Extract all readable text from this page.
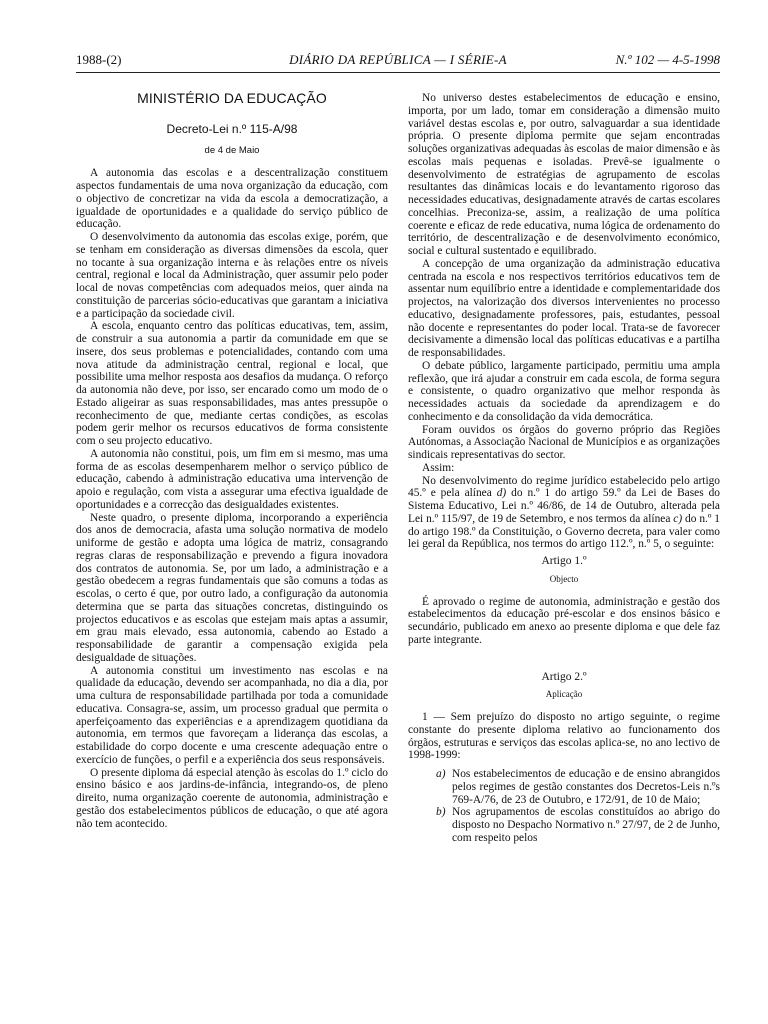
1988-(2)	DIÁRIO DA REPÚBLICA — I SÉRIE-A	N.º 102 — 4-5-1998
MINISTÉRIO DA EDUCAÇÃO
Decreto-Lei n.º 115-A/98
de 4 de Maio

A autonomia das escolas e a descentralização constituem aspectos fundamentais de uma nova organização da educação, com o objectivo de concretizar na vida da escola a democratização, a igualdade de oportunidades e a qualidade do serviço público de educação.

O desenvolvimento da autonomia das escolas exige, porém, que se tenham em consideração as diversas dimensões da escola, quer no tocante à sua organização interna e às relações entre os níveis central, regional e local da Administração, quer assumir pelo poder local de novas competências com adequados meios, quer ainda na constituição de parcerias sócio-educativas que garantam a iniciativa e a participação da sociedade civil.

A escola, enquanto centro das políticas educativas, tem, assim, de construir a sua autonomia a partir da comunidade em que se insere, dos seus problemas e potencialidades, contando com uma nova atitude da administração central, regional e local, que possibilite uma melhor resposta aos desafios da mudança. O reforço da autonomia não deve, por isso, ser encarado como um modo de o Estado aligeirar as suas responsabilidades, mas antes pressupõe o reconhecimento de que, mediante certas condições, as escolas podem gerir melhor os recursos educativos de forma consistente com o seu projecto educativo.

A autonomia não constitui, pois, um fim em si mesmo, mas uma forma de as escolas desempenharem melhor o serviço público de educação, cabendo à administração educativa uma intervenção de apoio e regulação, com vista a assegurar uma efectiva igualdade de oportunidades e a correcção das desigualdades existentes.

Neste quadro, o presente diploma, incorporando a experiência dos anos de democracia, afasta uma solução normativa de modelo uniforme de gestão e adopta uma lógica de matriz, consagrando regras claras de responsabilização e prevendo a figura inovadora dos contratos de autonomia. Se, por um lado, a administração e a gestão obedecem a regras fundamentais que são comuns a todas as escolas, o certo é que, por outro lado, a configuração da autonomia determina que se parta das situações concretas, distinguindo os projectos educativos e as escolas que estejam mais aptas a assumir, em grau mais elevado, essa autonomia, cabendo ao Estado a responsabilidade de garantir a compensação exigida pela desigualdade de situações.

A autonomia constitui um investimento nas escolas e na qualidade da educação, devendo ser acompanhada, no dia a dia, por uma cultura de responsabilidade partilhada por toda a comunidade educativa. Consagra-se, assim, um processo gradual que permita o aperfeiçoamento das experiências e a aprendizagem quotidiana da autonomia, em termos que favoreçam a liderança das escolas, a estabilidade do corpo docente e uma crescente adequação entre o exercício de funções, o perfil e a experiência dos seus responsáveis.

O presente diploma dá especial atenção às escolas do 1.º ciclo do ensino básico e aos jardins-de-infância, integrando-os, de pleno direito, numa organização coerente de autonomia, administração e gestão dos estabelecimentos públicos de educação, o que até agora não tem acontecido.

No universo destes estabelecimentos de educação e ensino, importa, por um lado, tomar em consideração a dimensão muito variável destas escolas e, por outro, salvaguardar a sua identidade própria. O presente diploma permite que sejam encontradas soluções organizativas adequadas às escolas de maior dimensão e às escolas mais pequenas e isoladas. Prevê-se igualmente o desenvolvimento de estratégias de agrupamento de escolas resultantes das dinâmicas locais e do levantamento rigoroso das necessidades educativas, designadamente através de cartas escolares concelhias. Preconiza-se, assim, a realização de uma política coerente e eficaz de rede educativa, numa lógica de ordenamento do território, de descentralização e de desenvolvimento económico, social e cultural sustentado e equilibrado.

A concepção de uma organização da administração educativa centrada na escola e nos respectivos territórios educativos tem de assentar num equilíbrio entre a identidade e complementaridade dos projectos, na valorização dos diversos intervenientes no processo educativo, designadamente professores, pais, estudantes, pessoal não docente e representantes do poder local. Trata-se de favorecer decisivamente a dimensão local das políticas educativas e a partilha de responsabilidades.

O debate público, largamente participado, permitiu uma ampla reflexão, que irá ajudar a construir em cada escola, de forma segura e consistente, o quadro organizativo que melhor responda às necessidades actuais da sociedade da aprendizagem e do conhecimento e da consolidação da vida democrática.

Foram ouvidos os órgãos do governo próprio das Regiões Autónomas, a Associação Nacional de Municípios e as organizações sindicais representativas do sector.

Assim:

No desenvolvimento do regime jurídico estabelecido pelo artigo 45.º e pela alínea d) do n.º 1 do artigo 59.º da Lei de Bases do Sistema Educativo, Lei n.º 46/86, de 14 de Outubro, alterada pela Lei n.º 115/97, de 19 de Setembro, e nos termos da alínea c) do n.º 1 do artigo 198.º da Constituição, o Governo decreta, para valer como lei geral da República, nos termos do artigo 112.º, n.º 5, o seguinte:

Artigo 1.º
Objecto

É aprovado o regime de autonomia, administração e gestão dos estabelecimentos da educação pré-escolar e dos ensinos básico e secundário, publicado em anexo ao presente diploma e que dele faz parte integrante.

Artigo 2.º
Aplicação

1 — Sem prejuízo do disposto no artigo seguinte, o regime constante do presente diploma relativo ao funcionamento dos órgãos, estruturas e serviços das escolas aplica-se, no ano lectivo de 1998-1999:

a) Nos estabelecimentos de educação e de ensino abrangidos pelos regimes de gestão constantes dos Decretos-Leis n.ºs 769-A/76, de 23 de Outubro, e 172/91, de 10 de Maio;
b) Nos agrupamentos de escolas constituídos ao abrigo do disposto no Despacho Normativo n.º 27/97, de 2 de Junho, com respeito pelos
